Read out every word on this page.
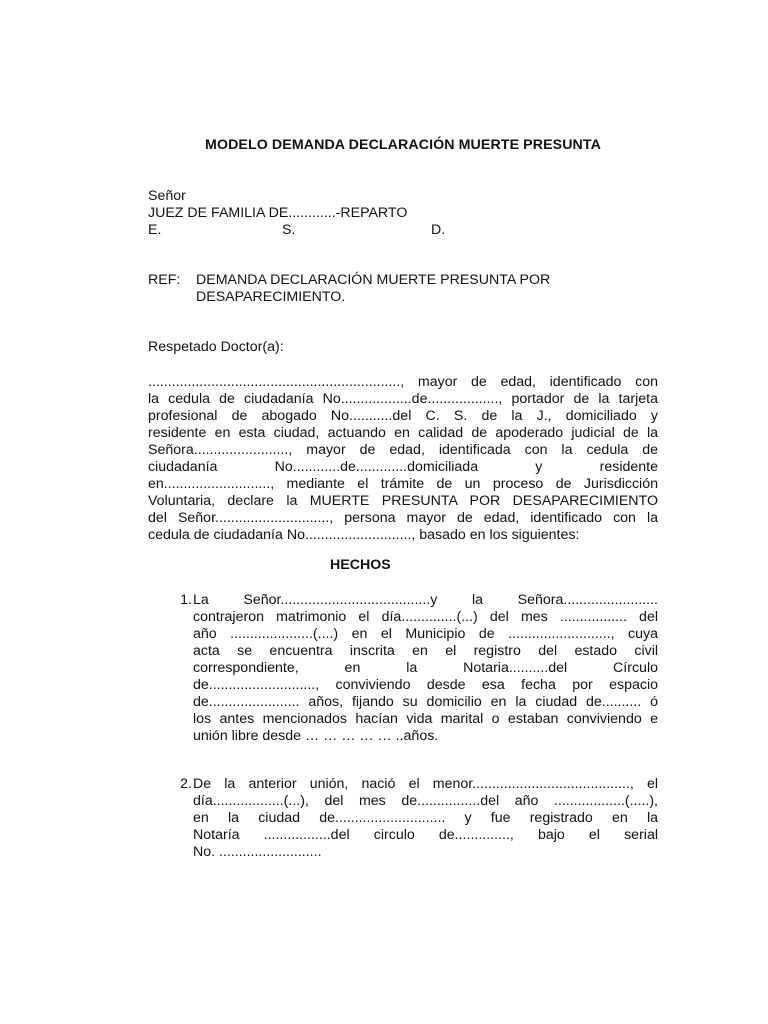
MODELO DEMANDA DECLARACIÓN MUERTE PRESUNTA
Señor
JUEZ DE FAMILIA DE............-REPARTO
E.	S.	D.
REF: DEMANDA DECLARACIÓN MUERTE PRESUNTA POR
DESAPARECIMIENTO.
Respetado Doctor(a):
................................................................, mayor de edad, identificado con
la cedula de ciudadanía No..................de.................., portador de la tarjeta
profesional de abogado No...........del C. S. de la J., domiciliado y
residente en esta ciudad, actuando en calidad de apoderado judicial de la
Señora........................, mayor de edad, identificada con la cedula de
ciudadanía No............de.............domiciliada y residente
en..........................., mediante el trámite de un proceso de Jurisdicción
Voluntaria, declare la MUERTE PRESUNTA POR DESAPARECIMIENTO
del Señor............................., persona mayor de edad, identificado con la
cedula de ciudadanía No..........................., basado en los siguientes:
HECHOS
1. La Señor......................................y la Señora........................
contrajeron matrimonio el día..............(...) del mes ................. del
año .....................(....) en el Municipio de .........................., cuya
acta se encuentra inscrita en el registro del estado civil
correspondiente, en la Notaria..........del Círculo
de..........................., conviviendo desde esa fecha por espacio
de....................... años, fijando su domicilio en la ciudad de.......... ó
los antes mencionados hacían vida marital o estaban conviviendo e
unión libre desde … … … … … ..años.
2. De la anterior unión, nació el menor........................................, el
día..................(...), del mes de................del año ..................(.....),
en la ciudad de............................ y fue registrado en la
Notaría .................del circulo de.............., bajo el serial
No. ..........................
